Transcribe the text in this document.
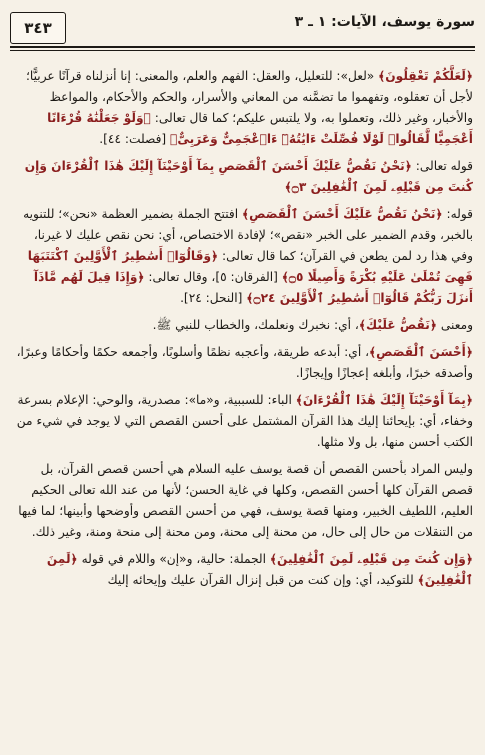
سورة يوسف، الآيات: ١ ـ ٣
٣٤٣

﴿لَعَلَّكُمْ تَعْقِلُونَ﴾ «لعل»: للتعليل، والعقل: الفهم والعلم، والمعنى: إنا أنزلناه قرآنًا عربيًّا؛ لأجل أن تعقلوه، وتفهموا ما تضمَّنه من المعاني والأسرار، والحكم والأحكام، والمواعظ والأخبار، وغير ذلك، وتعملوا به، ولا يلتبس عليكم؛ كما قال تعالى: ﴿وَلَوْ جَعَلْنَٰهُ قُرْءَانًا أَعْجَمِيًّا لَّقَالُوا۟ لَوْلَا فُصِّلَتْ ءَايَٰتُهُۥٓ ءَا۬عْجَمِىٌّ وَعَرَبِىٌّ﴾ [فصلت: ٤٤].

قوله تعالى: ﴿نَحْنُ نَقُصُّ عَلَيْكَ أَحْسَنَ ٱلْقَصَصِ بِمَآ أَوْحَيْنَآ إِلَيْكَ هَٰذَا ٱلْقُرْءَانَ وَإِن كُنتَ مِن قَبْلِهِۦ لَمِنَ ٱلْغَٰفِلِينَ ۝٣﴾

قوله: ﴿نَحْنُ نَقُصُّ عَلَيْكَ أَحْسَنَ ٱلْقَصَصِ﴾ افتتح الجملة بضمير العظمة «نحن»؛ للتنويه بالخبر، وقدم الضمير على الخبر «نقص»؛ لإفادة الاختصاص، أي: نحن نقص عليك لا غيرنا، وفي هذا رد لمن يطعن في القرآن؛ كما قال تعالى: ﴿وَقَالُوٓا۟ أَسَٰطِيرُ ٱلْأَوَّلِينَ ٱكْتَتَبَهَا فَهِىَ تُمْلَىٰ عَلَيْهِ بُكْرَةً وَأَصِيلًا ۝٥﴾ [الفرقان: ٥]، وقال تعالى: ﴿وَإِذَا قِيلَ لَهُم مَّاذَآ أَنزَلَ رَبُّكُمْ قَالُوٓا۟ أَسَٰطِيرُ ٱلْأَوَّلِينَ ۝٢٤﴾ [النحل: ٢٤].

ومعنى ﴿نَقُصُّ عَلَيْكَ﴾، أي: نخبرك ونعلمك، والخطاب للنبي ﷺ.

﴿أَحْسَنَ ٱلْقَصَصِ﴾، أي: أبدعه طريقة، وأعجبه نظمًا وأسلوبًا، وأجمعه حكمًا وأحكامًا وعبرًا، وأصدقه خبرًا، وأبلغه إعجازًا وإيجازًا.

﴿بِمَآ أَوْحَيْنَآ إِلَيْكَ هَٰذَا ٱلْقُرْءَانَ﴾ الباء: للسببية، و«ما»: مصدرية، والوحي: الإعلام بسرعة وخفاء، أي: بإيحائنا إليك هذا القرآن المشتمل على أحسن القصص التي لا يوجد في شيء من الكتب أحسن منها، بل ولا مثلها.

وليس المراد بأحسن القصص أن قصة يوسف عليه السلام هي أحسن قصص القرآن، بل قصص القرآن كلها أحسن القصص، وكلها في غاية الحسن؛ لأنها من عند الله تعالى الحكيم العليم، اللطيف الخبير، ومنها قصة يوسف، فهي من أحسن القصص وأوضحها وأبينها؛ لما فيها من التنقلات من حال إلى حال، من محنة إلى محنة، ومن محنة إلى منحة ومنة، وغير ذلك.

﴿وَإِن كُنتَ مِن قَبْلِهِۦ لَمِنَ ٱلْغَٰفِلِينَ﴾ الجملة: حالية، و«إن» واللام في قوله ﴿لَمِنَ ٱلْغَٰفِلِينَ﴾ للتوكيد، أي: وإن كنت من قبل إنزال القرآن عليك وإيحائه إليك
